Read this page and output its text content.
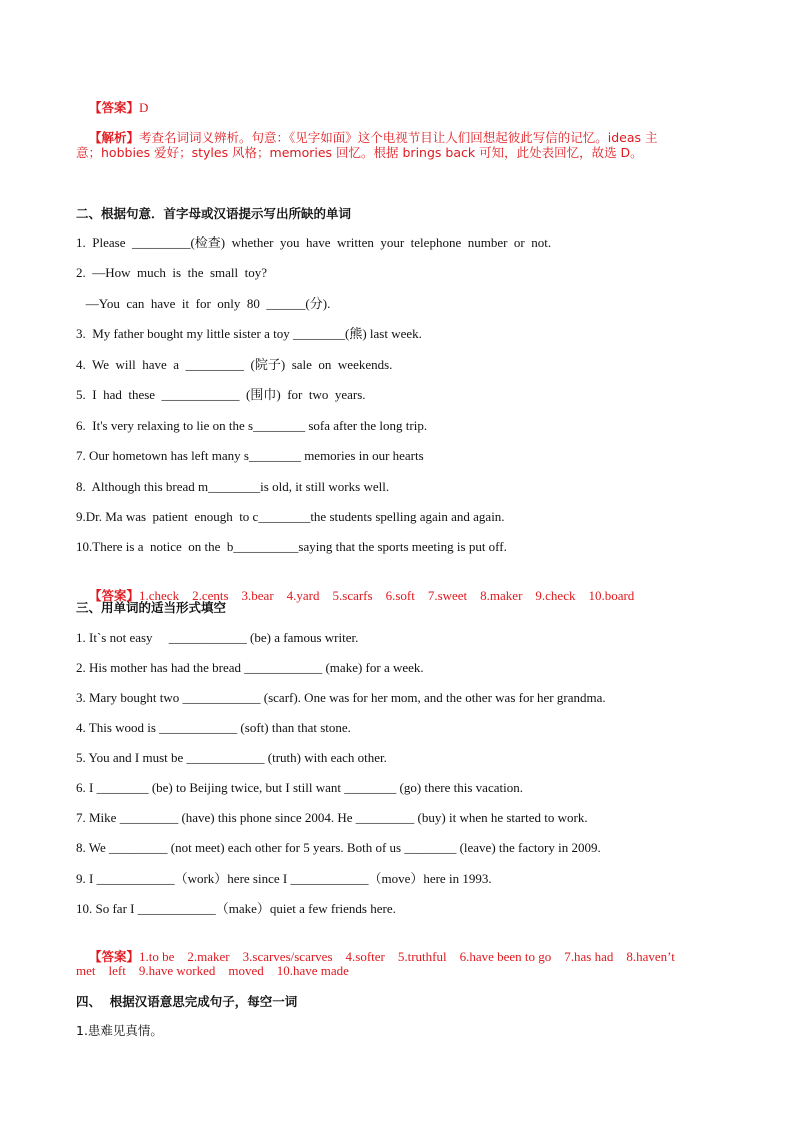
【答案】D

【解析】考查名词词义辨析。句意：《见字如面》这个电视节目让人们回想起彼此写信的记忆。ideas 主

意；hobbies 爱好；styles 风格；memories 回忆。根据 brings back 可知，此处表回忆，故选 D。
二、根据句意．首字母或汉语提示写出所缺的单词
1.  Please  _________(检查)  whether  you  have  written  your  telephone  number  or  not.
2.  —How  much  is  the  small  toy?
—You  can  have  it  for  only  80  ______(分).
3.  My father bought my little sister a toy ________(熊) last week.
4.  We  will  have  a  _________  (院子)  sale  on  weekends.
5.  I  had  these  ____________  (围巾)  for  two  years.
6.  It's very relaxing to lie on the s________ sofa after the long trip.
7. Our hometown has left many s________ memories in our hearts
8.  Although this bread m________is old, it still works well.
9.Dr. Ma was  patient  enough  to c________the students spelling again and again.
10.There is a  notice  on the  b__________saying that the sports meeting is put off.

【答案】1.check    2.cents    3.bear    4.yard    5.scarfs    6.soft    7.sweet    8.maker    9.check    10.board

三、用单词的适当形式填空
1. It`s not easy     ____________ (be) a famous writer.
2. His mother has had the bread ____________ (make) for a week.
3. Mary bought two ____________ (scarf). One was for her mom, and the other was for her grandma.
4. This wood is ____________ (soft) than that stone.
5. You and I must be ____________ (truth) with each other.
6. I ________ (be) to Beijing twice, but I still want ________ (go) there this vacation.
7. Mike _________ (have) this phone since 2004. He _________ (buy) it when he started to work.
8. We _________ (not meet) each other for 5 years. Both of us ________ (leave) the factory in 2009.
9. I ____________（work）here since I ____________（move）here in 1993.
10. So far I ____________（make）quiet a few friends here.

【答案】1.to be    2.maker    3.scarves/scarves    4.softer    5.truthful    6.have been to go    7.has had    8.haven’t

met    left    9.have worked    moved    10.have made
四、  根据汉语意思完成句子，每空一词
1.患难见真情。
